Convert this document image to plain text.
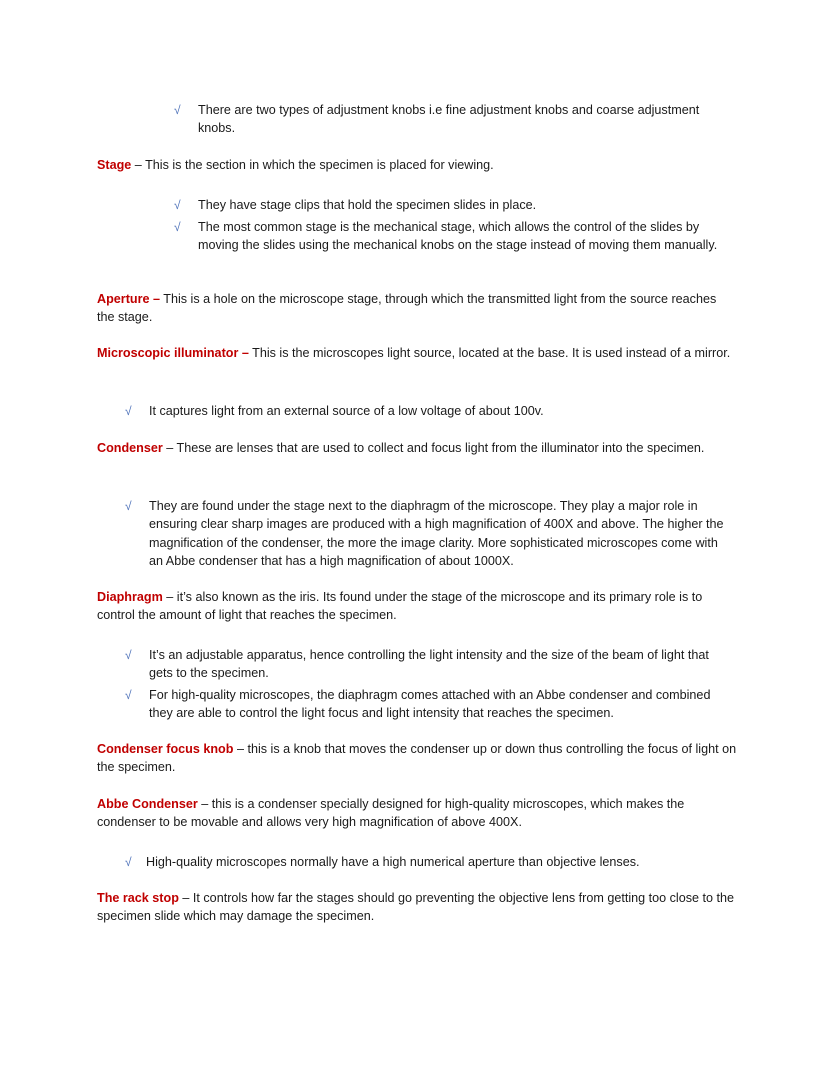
√ There are two types of adjustment knobs i.e fine adjustment knobs and coarse adjustment knobs.
Stage – This is the section in which the specimen is placed for viewing.
√ They have stage clips that hold the specimen slides in place.
√ The most common stage is the mechanical stage, which allows the control of the slides by moving the slides using the mechanical knobs on the stage instead of moving them manually.
Aperture – This is a hole on the microscope stage, through which the transmitted light from the source reaches the stage.
Microscopic illuminator – This is the microscopes light source, located at the base. It is used instead of a mirror.
√ It captures light from an external source of a low voltage of about 100v.
Condenser – These are lenses that are used to collect and focus light from the illuminator into the specimen.
√ They are found under the stage next to the diaphragm of the microscope. They play a major role in ensuring clear sharp images are produced with a high magnification of 400X and above. The higher the magnification of the condenser, the more the image clarity. More sophisticated microscopes come with an Abbe condenser that has a high magnification of about 1000X.
Diaphragm – it’s also known as the iris. Its found under the stage of the microscope and its primary role is to control the amount of light that reaches the specimen.
√ It’s an adjustable apparatus, hence controlling the light intensity and the size of the beam of light that gets to the specimen.
√ For high-quality microscopes, the diaphragm comes attached with an Abbe condenser and combined they are able to control the light focus and light intensity that reaches the specimen.
Condenser focus knob – this is a knob that moves the condenser up or down thus controlling the focus of light on the specimen.
Abbe Condenser – this is a condenser specially designed for high-quality microscopes, which makes the condenser to be movable and allows very high magnification of above 400X.
√ High-quality microscopes normally have a high numerical aperture than objective lenses.
The rack stop – It controls how far the stages should go preventing the objective lens from getting too close to the specimen slide which may damage the specimen.
